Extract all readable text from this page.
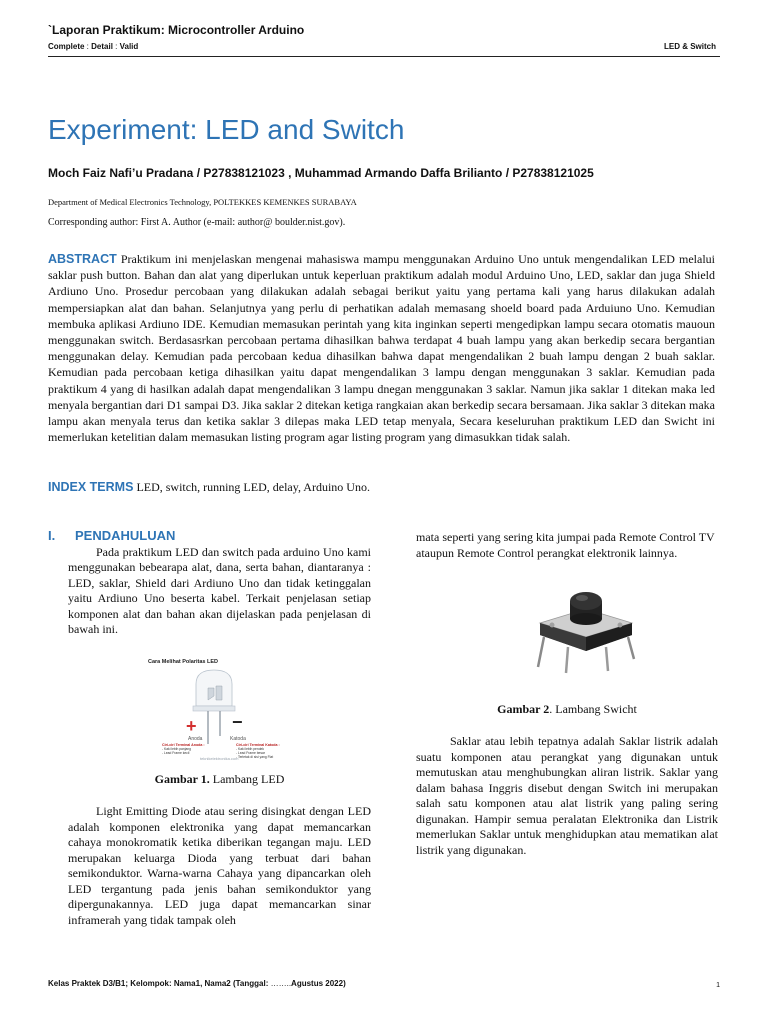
`Laporan Praktikum: Microcontroller Arduino
Complete : Detail : Valid	LED & Switch
Experiment: LED and Switch
Moch Faiz Nafi’u Pradana / P27838121023 , Muhammad Armando Daffa Brilianto / P27838121025
Department of Medical Electronics Technology, POLTEKKES KEMENKES SURABAYA
Corresponding author: First A. Author (e-mail: author@ boulder.nist.gov).

ABSTRACT Praktikum ini menjelaskan mengenai mahasiswa mampu menggunakan Arduino Uno untuk mengendalikan LED melalui saklar push button. Bahan dan alat yang diperlukan untuk keperluan praktikum adalah modul Arduino Uno, LED, saklar dan juga Shield Ardiuno Uno. Prosedur percobaan yang dilakukan adalah sebagai berikut yaitu yang pertama kali yang harus dilakukan adalah mempersiapkan alat dan bahan. Selanjutnya yang perlu di perhatikan adalah memasang shoeld board pada Arduiuno Uno. Kemudian membuka aplikasi Ardiuno IDE. Kemudian memasukan perintah yang kita inginkan seperti mengedipkan lampu secara otomatis mauoun menggunakan switch. Berdasasrkan percobaan pertama dihasilkan bahwa terdapat 4 buah lampu yang akan berkedip secara bergantian menggunakan delay. Kemudian pada percobaan kedua dihasilkan bahwa dapat mengendalikan 2 buah lampu dengan 2 buah saklar. Kemudian pada percobaan ketiga dihasilkan yaitu dapat mengendalikan 3 lampu dengan menggunakan 3 saklar. Kemudian pada praktikum 4 yang di hasilkan adalah dapat mengendalikan 3 lampu dnegan menggunakan 3 saklar. Namun jika saklar 1 ditekan maka led menyala bergantian dari D1 sampai D3. Jika saklar 2 ditekan ketiga rangkaian akan berkedip secara bersamaan. Jika saklar 3 ditekan maka lampu akan menyala terus dan ketika saklar 3 dilepas maka LED tetap menyala, Secara keseluruhan praktikum LED dan Swicht ini memerlukan ketelitian dalam memasukan listing program agar listing program yang dimasukkan tidak salah.

INDEX TERMS LED, switch, running LED, delay, Arduino Uno.

I. PENDAHULUAN

Pada praktikum LED dan switch pada arduino Uno kami menggunakan bebearapa alat, dana, serta bahan, diantaranya : LED, saklar, Shield dari Ardiuno Uno dan tidak ketinggalan yaitu Ardiuno Uno beserta kabel. Terkait penjelasan setiap komponen alat dan bahan akan dijelaskan pada penjelasan di bawah ini.

Cara Melihat Polaritas LED
+ −
Anoda	Katoda
Ciri-ciri Terminal Anoda :
- Kaki lebih panjang
- Lead Frame kecil
Ciri-ciri Terminal Katoda :
- Kaki lebih pendek
- Lead Frame besar
- Terletak di sisi yang Flat
teknikelektronika.com
Gambar 1. Lambang LED

Light Emitting Diode atau sering disingkat dengan LED adalah komponen elektronika yang dapat memancarkan cahaya monokromatik ketika diberikan tegangan maju. LED merupakan keluarga Dioda yang terbuat dari bahan semikonduktor. Warna-warna Cahaya yang dipancarkan oleh LED tergantung pada jenis bahan semikonduktor yang dipergunakannya. LED juga dapat memancarkan sinar inframerah yang tidak tampak oleh

mata seperti yang sering kita jumpai pada Remote Control TV ataupun Remote Control perangkat elektronik lainnya.

Gambar 2. Lambang Swicht

Saklar atau lebih tepatnya adalah Saklar listrik adalah suatu komponen atau perangkat yang digunakan untuk memutuskan atau menghubungkan aliran listrik. Saklar yang dalam bahasa Inggris disebut dengan Switch ini merupakan salah satu komponen atau alat listrik yang paling sering digunakan. Hampir semua peralatan Elektronika dan Listrik memerlukan Saklar untuk menghidupkan atau mematikan alat listrik yang digunakan.

Kelas Praktek D3/B1; Kelompok: Nama1, Nama2 (Tanggal: ……..Agustus 2022)	1
